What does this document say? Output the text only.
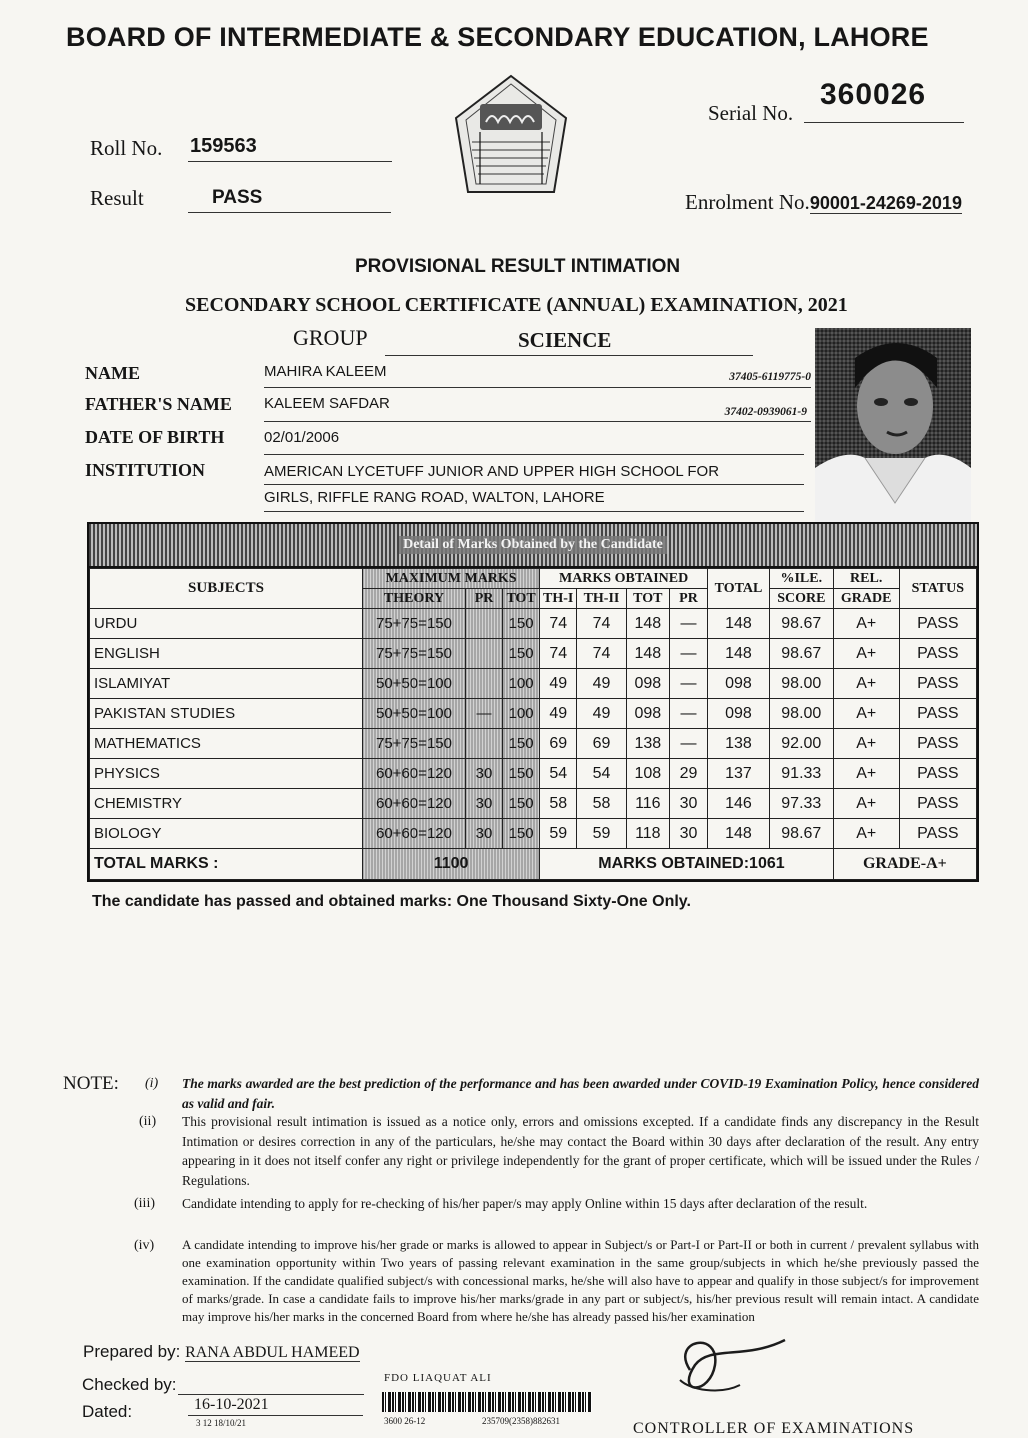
BOARD OF INTERMEDIATE & SECONDARY EDUCATION, LAHORE
Serial No.
360026
Roll No. 159563
Result	PASS	Enrolment No.90001-24269-2019
PROVISIONAL RESULT INTIMATION
SECONDARY SCHOOL CERTIFICATE (ANNUAL) EXAMINATION, 2021
GROUP	SCIENCE
NAME	MAHIRA KALEEM	37405-6119775-0
FATHER'S NAME KALEEM SAFDAR	37402-0939061-9
DATE OF BIRTH	02/01/2006
INSTITUTION	AMERICAN LYCETUFF JUNIOR AND UPPER HIGH SCHOOL FOR
GIRLS, RIFFLE RANG ROAD, WALTON, LAHORE
Detail of Marks Obtained by the Candidate
SUBJECTS	MAXIMUM MARKS			MARKS OBTAINED				TOTAL	%ILE.	REL.	STATUS
	THEORY	PR	TOT	TH-I	TH-II	TOT	PR		SCORE	GRADE	
URDU	75+75=150		150	74	74	148	—	148	98.67	A+	PASS
ENGLISH	75+75=150		150	74	74	148	—	148	98.67	A+	PASS
ISLAMIYAT	50+50=100		100	49	49	098	—	098	98.00	A+	PASS
PAKISTAN STUDIES	50+50=100	—	100	49	49	098	—	098	98.00	A+	PASS
MATHEMATICS	75+75=150		150	69	69	138	—	138	92.00	A+	PASS
PHYSICS	60+60=120	30	150	54	54	108	29	137	91.33	A+	PASS
CHEMISTRY	60+60=120	30	150	58	58	116	30	146	97.33	A+	PASS
BIOLOGY	60+60=120	30	150	59	59	118	30	148	98.67	A+	PASS
TOTAL MARKS :	1100			MARKS OBTAINED:1061						GRADE-A+	
The candidate has passed and obtained marks: One Thousand Sixty-One Only.
NOTE: (i) The marks awarded are the best prediction of the performance and has been awarded under COVID-19 Examination Policy, hence considered as valid and fair.
(ii) This provisional result intimation is issued as a notice only, errors and omissions excepted. If a candidate finds any discrepancy in the Result Intimation or desires correction in any of the particulars, he/she may contact the Board within 30 days after declaration of the result. Any entry appearing in it does not itself confer any right or privilege independently for the grant of proper certificate, which will be issued under the Rules / Regulations.
(iii) Candidate intending to apply for re-checking of his/her paper/s may apply Online within 15 days after declaration of the result.
(iv) A candidate intending to improve his/her grade or marks is allowed to appear in Subject/s or Part-I or Part-II or both in current / prevalent syllabus with one examination opportunity within Two years of passing relevant examination in the same group/subjects in which he/she previously passed the examination. If the candidate qualified subject/s with concessional marks, he/she will also have to appear and qualify in those subject/s for improvement of marks/grade. In case a candidate fails to improve his/her marks/grade in any part or subject/s, his/her previous result will remain intact. A candidate may improve his/her marks in the concerned Board from where he/she has already passed his/her examination
Prepared by: RANA ABDUL HAMEED
Checked by:	FDO LIAQUAT ALI
Dated:	16-10-2021
3 12 18/10/21	3600 26-12	235709(2358)882631	CONTROLLER OF EXAMINATIONS
